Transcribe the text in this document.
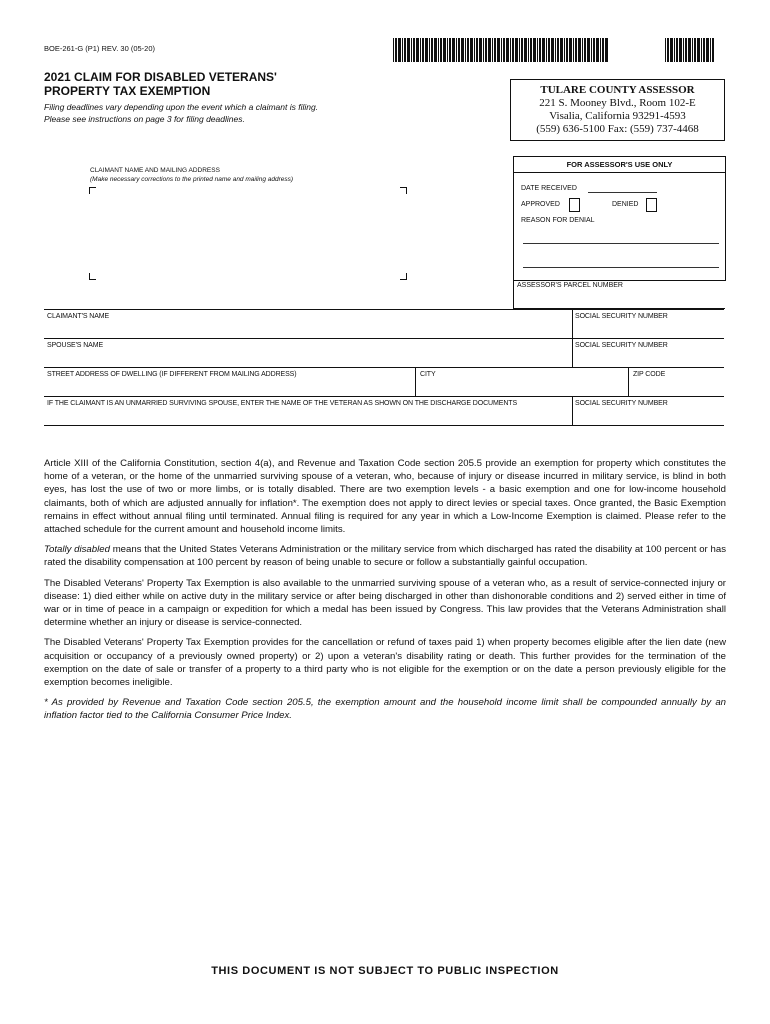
BOE-261-G (P1) REV. 30 (05-20)
2021 CLAIM FOR DISABLED VETERANS'
PROPERTY TAX EXEMPTION
Filing deadlines vary depending upon the event which a claimant is filing.
Please see instructions on page 3 for filing deadlines.
TULARE COUNTY ASSESSOR
221 S. Mooney Blvd., Room 102-E
Visalia, California 93291-4593
(559) 636-5100 Fax: (559) 737-4468
CLAIMANT NAME AND MAILING ADDRESS
(Make necessary corrections to the printed name and mailing address)
FOR ASSESSOR'S USE ONLY
DATE RECEIVED
APPROVED	DENIED
REASON FOR DENIAL
ASSESSOR'S PARCEL NUMBER
CLAIMANT'S NAME	SOCIAL SECURITY NUMBER
SPOUSE'S NAME	SOCIAL SECURITY NUMBER
STREET ADDRESS OF DWELLING (IF DIFFERENT FROM MAILING ADDRESS)	CITY	ZIP CODE
IF THE CLAIMANT IS AN UNMARRIED SURVIVING SPOUSE, ENTER THE NAME OF THE VETERAN AS SHOWN ON THE DISCHARGE DOCUMENTS	SOCIAL SECURITY NUMBER

Article XIII of the California Constitution, section 4(a), and Revenue and Taxation Code section 205.5 provide an exemption for property which constitutes the home of a veteran, or the home of the unmarried surviving spouse of a veteran, who, because of injury or disease incurred in military service, is blind in both eyes, has lost the use of two or more limbs, or is totally disabled. There are two exemption levels - a basic exemption and one for low-income household claimants, both of which are adjusted annually for inflation*. The exemption does not apply to direct levies or special taxes. Once granted, the Basic Exemption remains in effect without annual filing until terminated. Annual filing is required for any year in which a Low-Income Exemption is claimed. Please refer to the attached schedule for the current amount and household income limits.

Totally disabled means that the United States Veterans Administration or the military service from which discharged has rated the disability at 100 percent or has rated the disability compensation at 100 percent by reason of being unable to secure or follow a substantially gainful occupation.

The Disabled Veterans' Property Tax Exemption is also available to the unmarried surviving spouse of a veteran who, as a result of service-connected injury or disease: 1) died either while on active duty in the military service or after being discharged in other than dishonorable conditions and 2) served either in time of war or in time of peace in a campaign or expedition for which a medal has been issued by Congress. This law provides that the Veterans Administration shall determine whether an injury or disease is service-connected.

The Disabled Veterans' Property Tax Exemption provides for the cancellation or refund of taxes paid 1) when property becomes eligible after the lien date (new acquisition or occupancy of a previously owned property) or 2) upon a veteran's disability rating or death. This further provides for the termination of the exemption on the date of sale or transfer of a property to a third party who is not eligible for the exemption or on the date a person previously eligible for the exemption becomes ineligible.

* As provided by Revenue and Taxation Code section 205.5, the exemption amount and the household income limit shall be compounded annually by an inflation factor tied to the California Consumer Price Index.

THIS DOCUMENT IS NOT SUBJECT TO PUBLIC INSPECTION
